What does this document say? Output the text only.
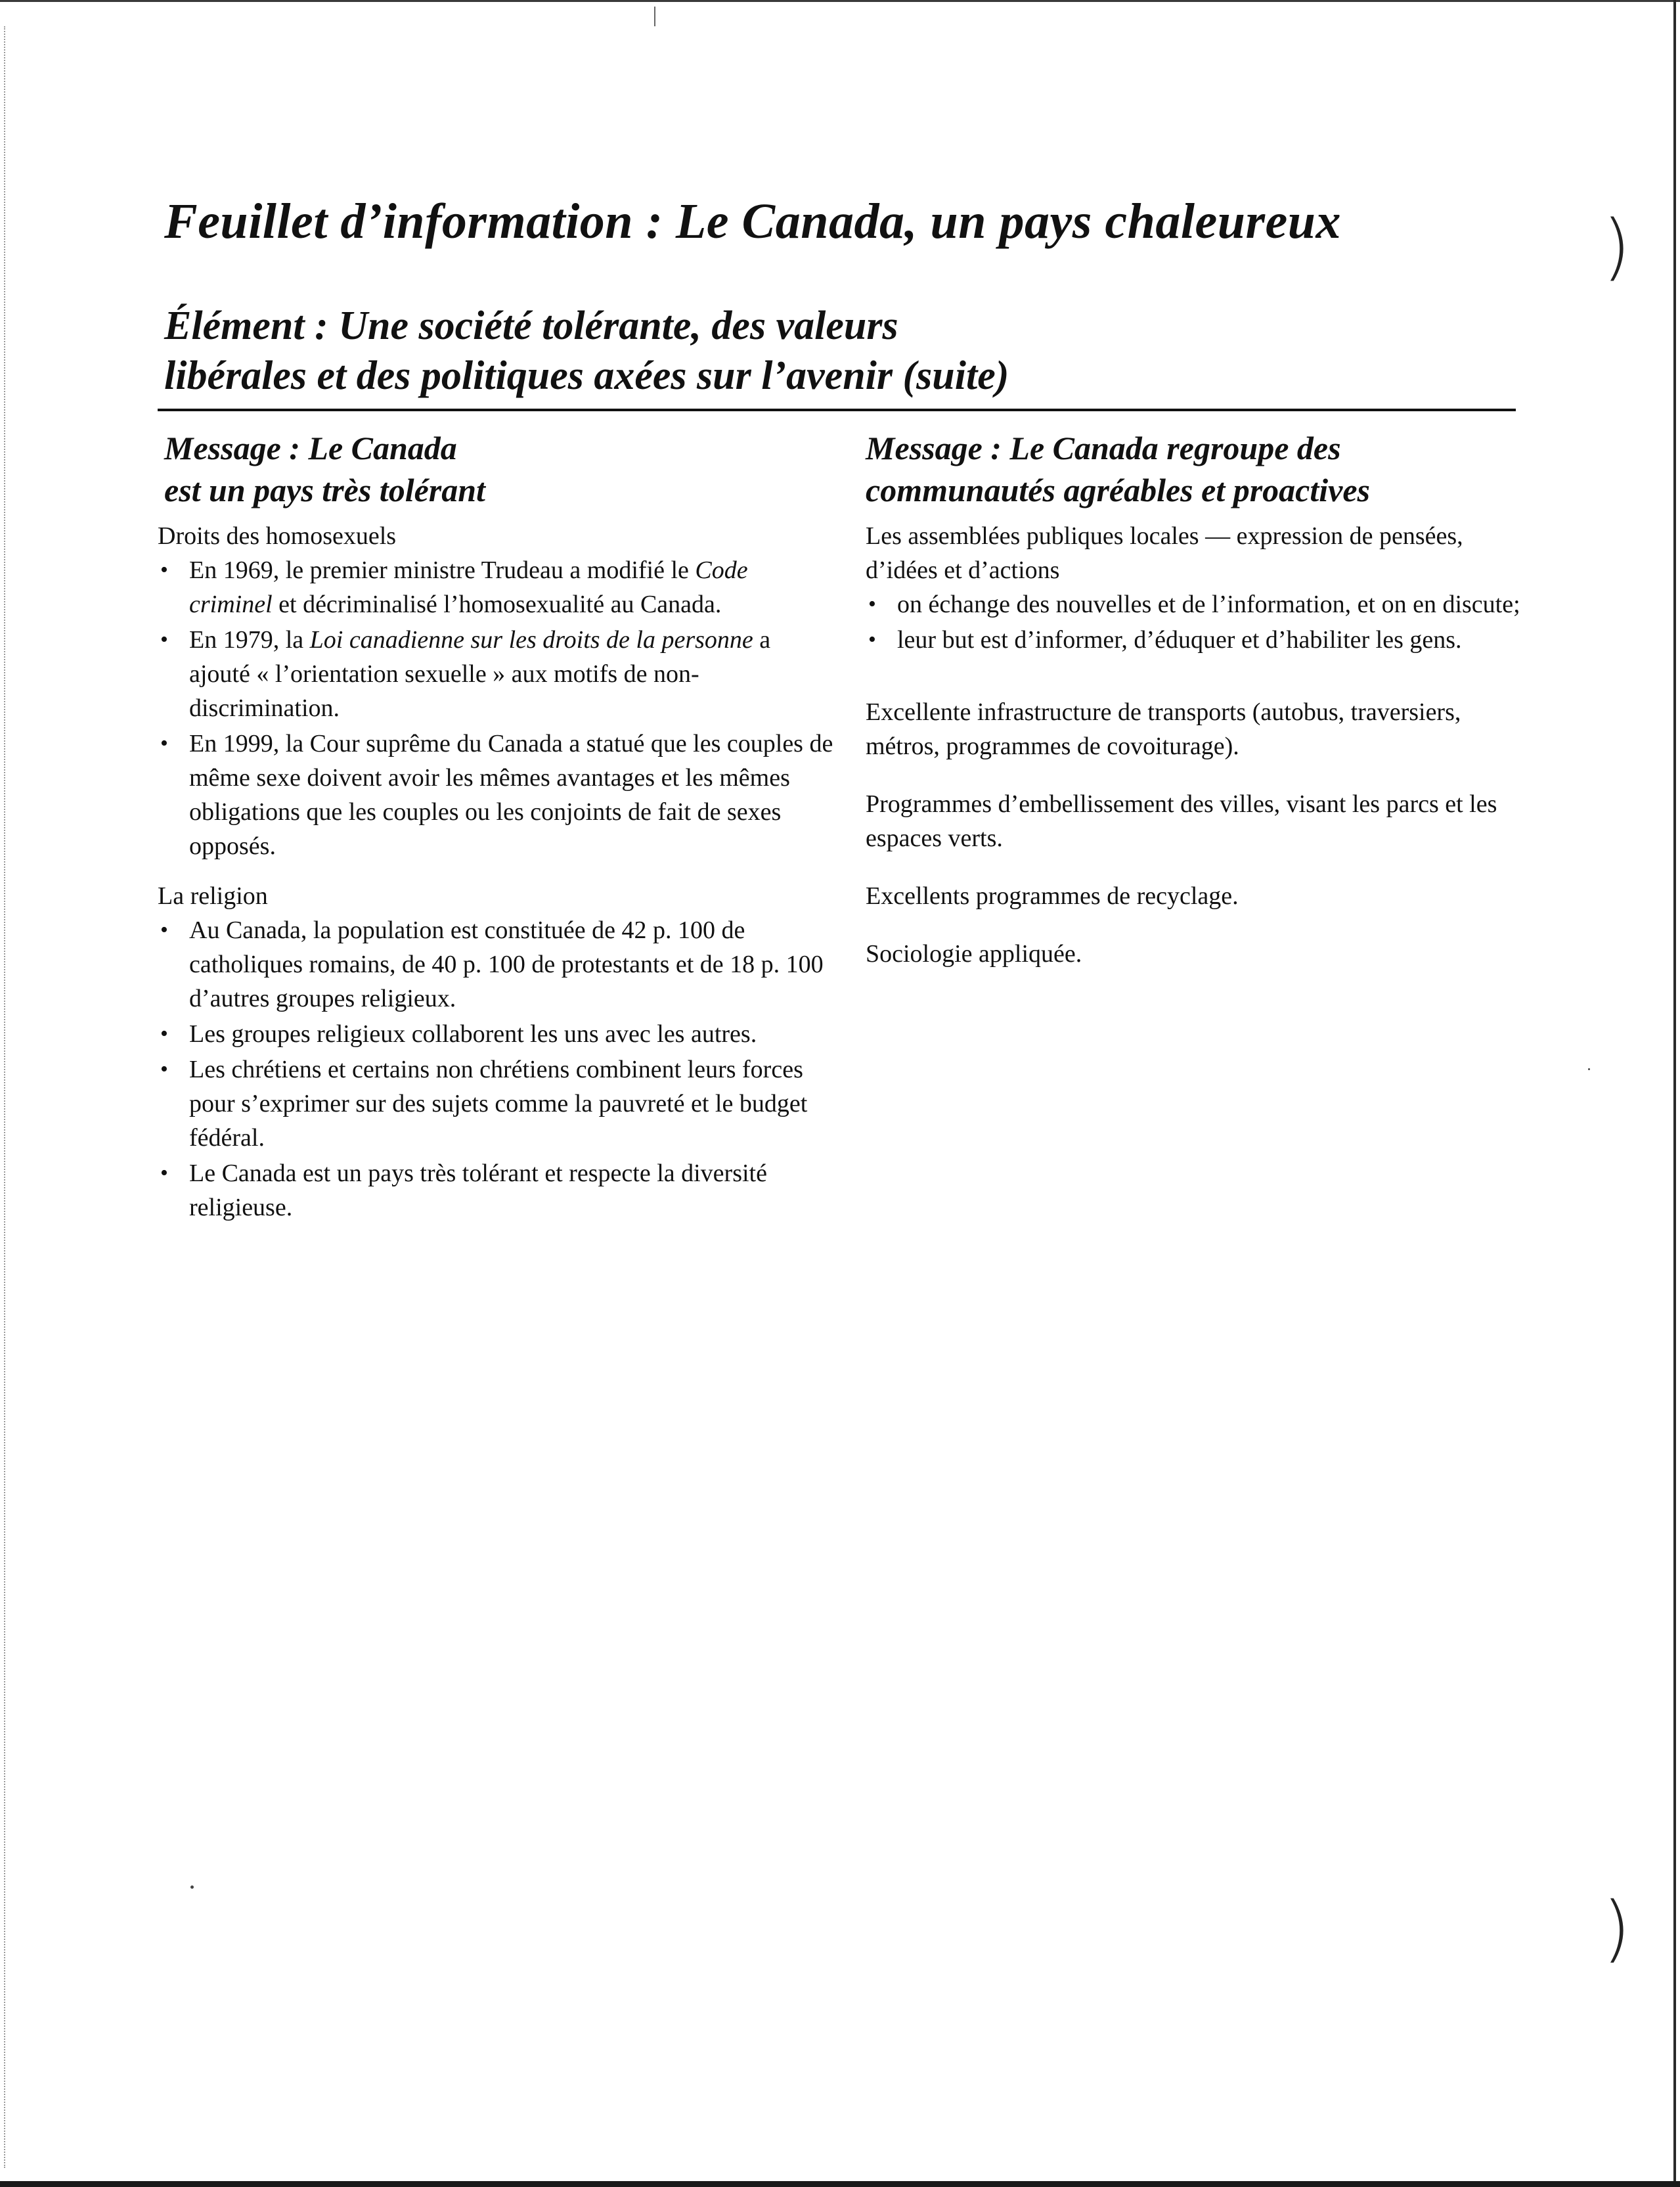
)
)
Feuillet d’information : Le Canada, un pays chaleureux
Élément : Une société tolérante, des valeurs
libérales et des politiques axées sur l’avenir (suite)
Message : Le Canada
est un pays très tolérant

Droits des homosexuels

• En 1969, le premier ministre Trudeau a modifié le Code criminel et décriminalisé l’homosexualité au Canada.
• En 1979, la Loi canadienne sur les droits de la personne a ajouté « l’orientation sexuelle » aux motifs de non-discrimination.
• En 1999, la Cour suprême du Canada a statué que les couples de même sexe doivent avoir les mêmes avantages et les mêmes obligations que les couples ou les conjoints de fait de sexes opposés.

La religion

• Au Canada, la population est constituée de 42 p. 100 de catholiques romains, de 40 p. 100 de protestants et de 18 p. 100 d’autres groupes religieux.
• Les groupes religieux collaborent les uns avec les autres.
• Les chrétiens et certains non chrétiens combinent leurs forces pour s’exprimer sur des sujets comme la pauvreté et le budget fédéral.
• Le Canada est un pays très tolérant et respecte la diversité religieuse.
Message : Le Canada regroupe des
communautés agréables et proactives

Les assemblées publiques locales — expression de pensées, d’idées et d’actions

• on échange des nouvelles et de l’information, et on en discute;
• leur but est d’informer, d’éduquer et d’habiliter les gens.

Excellente infrastructure de transports (autobus, traversiers, métros, programmes de covoiturage).

Programmes d’embellissement des villes, visant les parcs et les espaces verts.

Excellents programmes de recyclage.

Sociologie appliquée.
